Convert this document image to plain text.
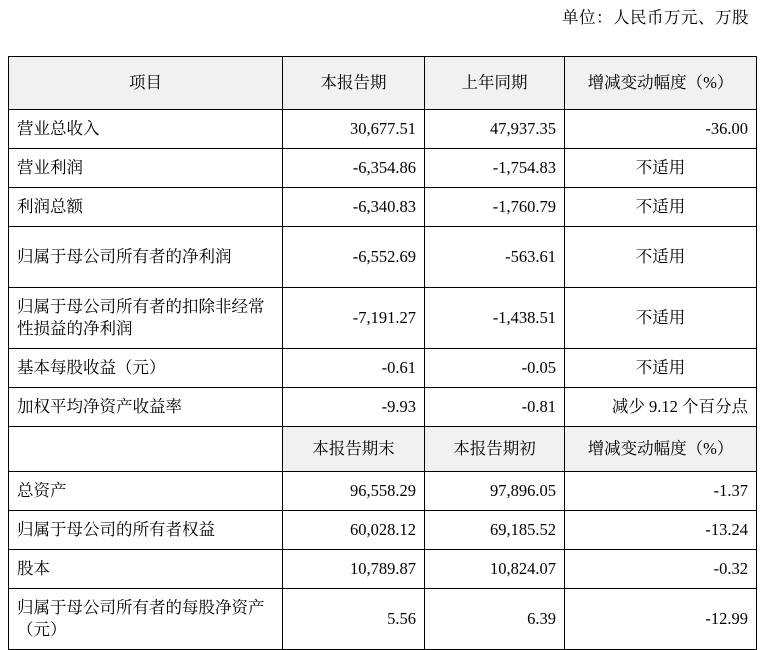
单位：人民币万元、万股
项目	本报告期	上年同期	增减变动幅度（%）
营业总收入	30,677.51	47,937.35	-36.00
营业利润	-6,354.86	-1,754.83	不适用
利润总额	-6,340.83	-1,760.79	不适用
归属于母公司所有者的净利润	-6,552.69	-563.61	不适用
归属于母公司所有者的扣除非经常性损益的净利润	-7,191.27	-1,438.51	不适用
基本每股收益（元）	-0.61	-0.05	不适用
加权平均净资产收益率	-9.93	-0.81	减少 9.12 个百分点
	本报告期末	本报告期初	增减变动幅度（%）
总资产	96,558.29	97,896.05	-1.37
归属于母公司的所有者权益	60,028.12	69,185.52	-13.24
股本	10,789.87	10,824.07	-0.32
归属于母公司所有者的每股净资产（元）	5.56	6.39	-12.99
